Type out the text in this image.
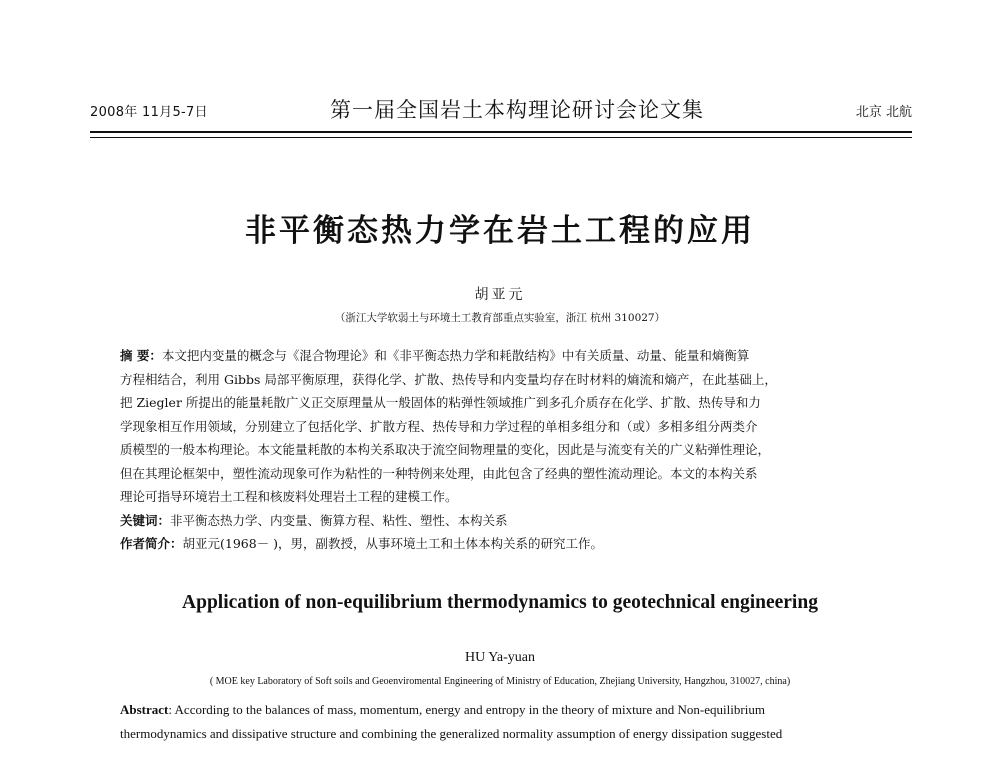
2008年 11月5-7日	第一届全国岩土本构理论研讨会论文集	北京 北航
非平衡态热力学在岩土工程的应用
胡亚元
（浙江大学软弱土与环境土工教育部重点实验室，浙江 杭州 310027）
摘 要：本文把内变量的概念与《混合物理论》和《非平衡态热力学和耗散结构》中有关质量、动量、能量和熵衡算
方程相结合，利用 Gibbs 局部平衡原理，获得化学、扩散、热传导和内变量均存在时材料的熵流和熵产，在此基础上，
把 Ziegler 所提出的能量耗散广义正交原理量从一般固体的粘弹性领域推广到多孔介质存在化学、扩散、热传导和力
学现象相互作用领域，分别建立了包括化学、扩散方程、热传导和力学过程的单相多组分和（或）多相多组分两类介
质模型的一般本构理论。本文能量耗散的本构关系取决于流空间物理量的变化，因此是与流变有关的广义粘弹性理论，
但在其理论框架中，塑性流动现象可作为粘性的一种特例来处理，由此包含了经典的塑性流动理论。本文的本构关系
理论可指导环境岩土工程和核废料处理岩土工程的建模工作。
关键词：非平衡态热力学、内变量、衡算方程、粘性、塑性、本构关系
作者简介：胡亚元(1968－ )，男，副教授，从事环境土工和土体本构关系的研究工作。
Application of non-equilibrium thermodynamics to geotechnical engineering
HU Ya-yuan
( MOE key Laboratory of Soft soils and Geoenviromental Engineering of Ministry of Education, Zhejiang University, Hangzhou, 310027, china)
Abstract: According to the balances of mass, momentum, energy and entropy in the theory of mixture and Non-equilibrium
thermodynamics and dissipative structure and combining the generalized normality assumption of energy dissipation suggested
